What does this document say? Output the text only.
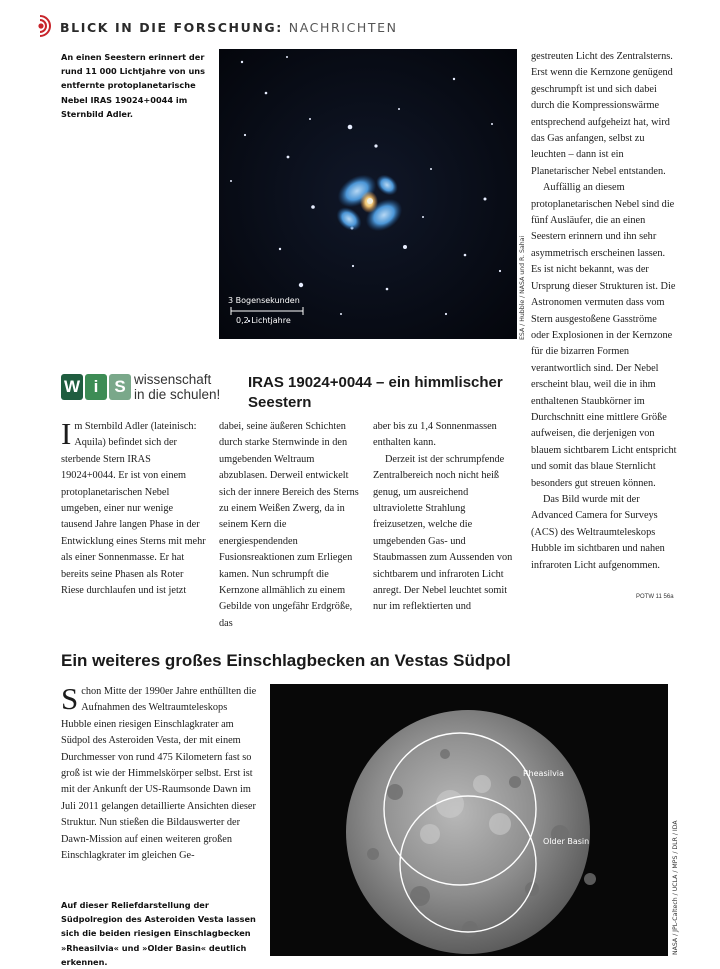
BLICK IN DIE FORSCHUNG: NACHRICHTEN
An einen Seestern erinnert der rund 11 000 Lichtjahre von uns entfernte protoplanetarische Nebel IRAS 19024+0044 im Sternbild Adler.
3 Bogensekunden
0,2 Lichtjahre	ESA / Hubble / NASA und R. Sahai
W i S wissenschaft
in die schulen!
IRAS 19024+0044 – ein himmlischer Seestern
Im Sternbild Adler (lateinisch: Aquila) befindet sich der sterbende Stern IRAS 19024+0044. Er ist von einem protoplanetarischen Nebel umgeben, einer nur wenige tausend Jahre langen Phase in der Entwicklung eines Sterns mit mehr als einer Sonnenmasse. Er hat bereits seine Phasen als Roter Riese durchlaufen und ist jetzt

dabei, seine äußeren Schichten durch starke Sternwinde in den umgebenden Weltraum abzublasen. Derweil entwickelt sich der innere Bereich des Sterns zu einem Weißen Zwerg, da in seinem Kern die energiespendenden Fusionsreaktionen zum Erliegen kamen. Nun schrumpft die Kernzone allmählich zu einem Gebilde von ungefähr Erdgröße, das

aber bis zu 1,4 Sonnenmassen enthalten kann.

Derzeit ist der schrumpfende Zentralbereich noch nicht heiß genug, um ausreichend ultraviolette Strahlung freizusetzen, welche die umgebenden Gas- und Staubmassen zum Aussenden von sichtbarem und infraroten Licht anregt. Der Nebel leuchtet somit nur im reflektierten und

gestreuten Licht des Zentralsterns. Erst wenn die Kernzone genügend geschrumpft ist und sich dabei durch die Kompressionswärme entsprechend aufgeheizt hat, wird das Gas anfangen, selbst zu leuchten – dann ist ein Planetarischer Nebel entstanden.

Auffällig an diesem protoplanetarischen Nebel sind die fünf Ausläufer, die an einen Seestern erinnern und ihn sehr asymmetrisch erscheinen lassen. Es ist nicht bekannt, was der Ursprung dieser Strukturen ist. Die Astronomen vermuten dass vom Stern ausgestoßene Gasströme oder Explosionen in der Kernzone für die bizarren Formen verantwortlich sind. Der Nebel erscheint blau, weil die in ihm enthaltenen Staubkörner im Durchschnitt eine mittlere Größe aufweisen, die derjenigen von blauem sichtbarem Licht entspricht und somit das blaue Sternlicht besonders gut streuen können.

Das Bild wurde mit der Advanced Camera for Surveys (ACS) des Weltraumteleskops Hubble im sichtbaren und nahen infraroten Licht aufgenommen.

POTW 11 56a
Ein weiteres großes Einschlagbecken an Vestas Südpol
Schon Mitte der 1990er Jahre enthüllten die Aufnahmen des Weltraumteleskops Hubble einen riesigen Einschlagkrater am Südpol des Asteroiden Vesta, der mit einem Durchmesser von rund 475 Kilometern fast so groß ist wie der Himmelskörper selbst. Erst ist mit der Ankunft der US-Raumsonde Dawn im Juli 2011 gelangen detaillierte Ansichten dieser Struktur. Nun stießen die Bildauswerter der Dawn-Mission auf einen weiteren großen Einschlagkrater im gleichen Ge-
Auf dieser Reliefdarstellung der Südpolregion des Asteroiden Vesta lassen sich die beiden riesigen Einschlagbecken »Rheasilvia« und »Older Basin« deutlich erkennen.
Rheasilvia
Older Basin	NASA / JPL-Caltech / UCLA / MPS / DLR / IDA
